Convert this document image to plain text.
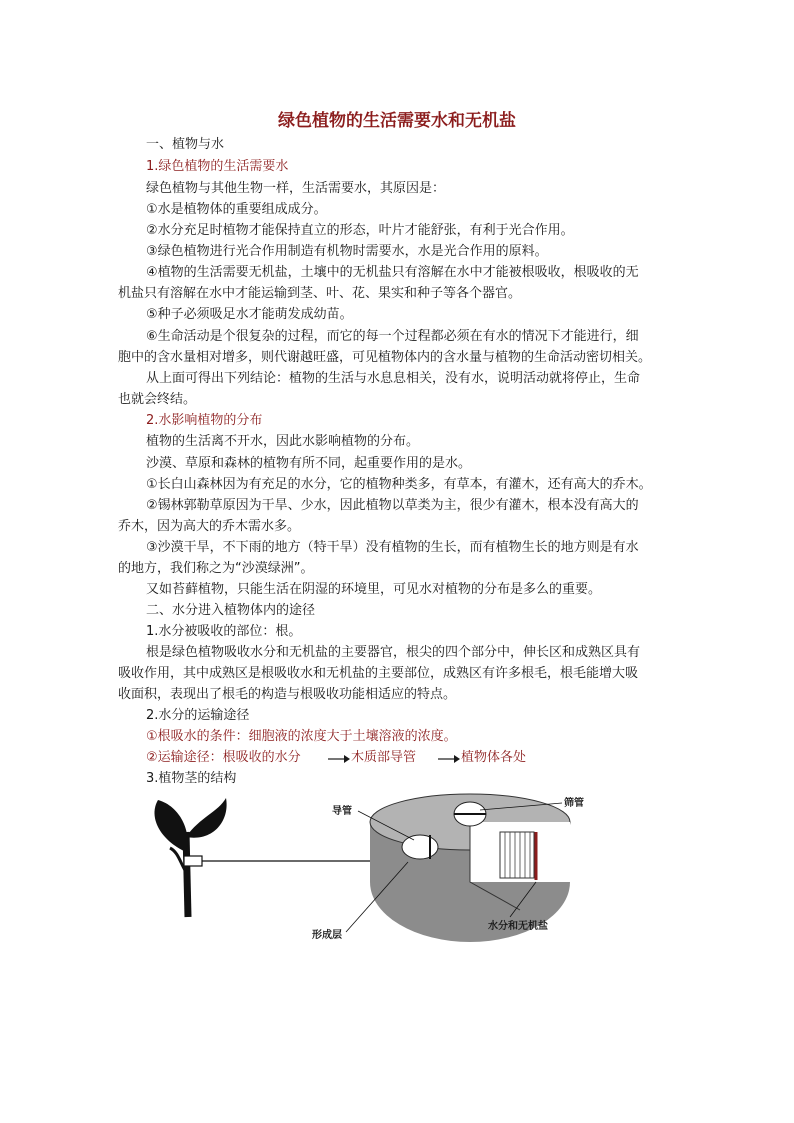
绿色植物的生活需要水和无机盐
一、植物与水
1.绿色植物的生活需要水
绿色植物与其他生物一样，生活需要水，其原因是：
①水是植物体的重要组成成分。
②水分充足时植物才能保持直立的形态，叶片才能舒张，有利于光合作用。
③绿色植物进行光合作用制造有机物时需要水，水是光合作用的原料。
④植物的生活需要无机盐，土壤中的无机盐只有溶解在水中才能被根吸收，根吸收的无
机盐只有溶解在水中才能运输到茎、叶、花、果实和种子等各个器官。
⑤种子必须吸足水才能萌发成幼苗。
⑥生命活动是个很复杂的过程，而它的每一个过程都必须在有水的情况下才能进行，细
胞中的含水量相对增多，则代谢越旺盛，可见植物体内的含水量与植物的生命活动密切相关。
从上面可得出下列结论：植物的生活与水息息相关，没有水，说明活动就将停止，生命
也就会终结。
2.水影响植物的分布
植物的生活离不开水，因此水影响植物的分布。
沙漠、草原和森林的植物有所不同，起重要作用的是水。
①长白山森林因为有充足的水分，它的植物种类多，有草本，有灌木，还有高大的乔木。
②锡林郭勒草原因为干旱、少水，因此植物以草类为主，很少有灌木，根本没有高大的
乔木，因为高大的乔木需水多。
③沙漠干旱，不下雨的地方（特干旱）没有植物的生长，而有植物生长的地方则是有水
的地方，我们称之为“沙漠绿洲”。
又如苔藓植物，只能生活在阴湿的环境里，可见水对植物的分布是多么的重要。
二、水分进入植物体内的途径
1.水分被吸收的部位：根。
根是绿色植物吸收水分和无机盐的主要器官，根尖的四个部分中，伸长区和成熟区具有
吸收作用，其中成熟区是根吸收水和无机盐的主要部位，成熟区有许多根毛，根毛能增大吸
收面积，表现出了根毛的构造与根吸收功能相适应的特点。
2.水分的运输途径
①根吸水的条件：细胞液的浓度大于土壤溶液的浓度。
②运输途径：根吸收的水分	木质部导管	植物体各处
3.植物茎的结构
导管
筛管
形成层
水分和无机盐
